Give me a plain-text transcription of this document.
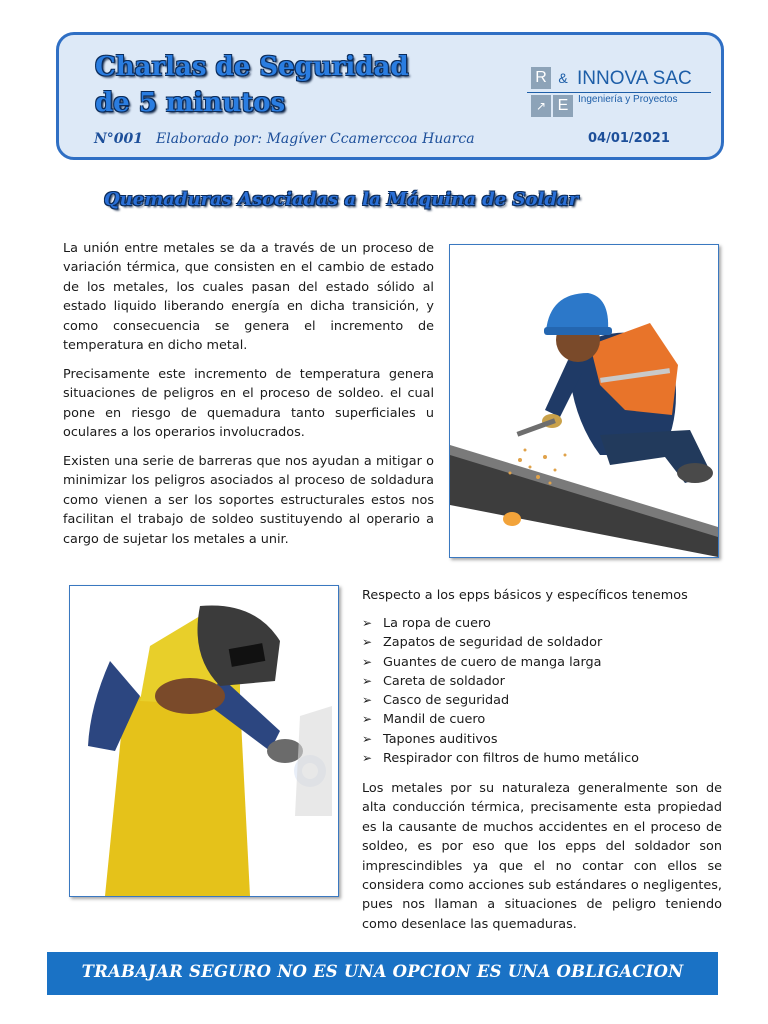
Charlas de Seguridad
de 5 minutos
R &
↗ E
INNOVA SAC
Ingeniería y Proyectos
N°001 Elaborado por: Magíver Ccamerccoa Huarca	04/01/2021
Quemaduras Asociadas a la Máquina de Soldar

La unión entre metales se da a través de un proceso de variación térmica, que consisten en el cambio de estado de los metales, los cuales pasan del estado sólido al estado liquido liberando energía en dicha transición, y como consecuencia se genera el incremento de temperatura en dicho metal.

Precisamente este incremento de temperatura genera situaciones de peligros en el proceso de soldeo. el cual pone en riesgo de quemadura tanto superficiales u oculares a los operarios involucrados.

Existen una serie de barreras que nos ayudan a mitigar o minimizar los peligros asociados al proceso de soldadura como vienen a ser los soportes estructurales estos nos facilitan el trabajo de soldeo sustituyendo al operario a cargo de sujetar los metales a unir.

Respecto a los epps básicos y específicos tenemos
➢ La ropa de cuero
➢ Zapatos de seguridad de soldador
➢ Guantes de cuero de manga larga
➢ Careta de soldador
➢ Casco de seguridad
➢ Mandil de cuero
➢ Tapones auditivos
➢ Respirador con filtros de humo metálico

Los metales por su naturaleza generalmente son de alta conducción térmica, precisamente esta propiedad es la causante de muchos accidentes en el proceso de soldeo, es por eso que los epps del soldador son imprescindibles ya que el no contar con ellos se considera como acciones sub estándares o negligentes, pues nos llaman a situaciones de peligro teniendo como desenlace las quemaduras.

TRABAJAR SEGURO NO ES UNA OPCION ES UNA OBLIGACION
